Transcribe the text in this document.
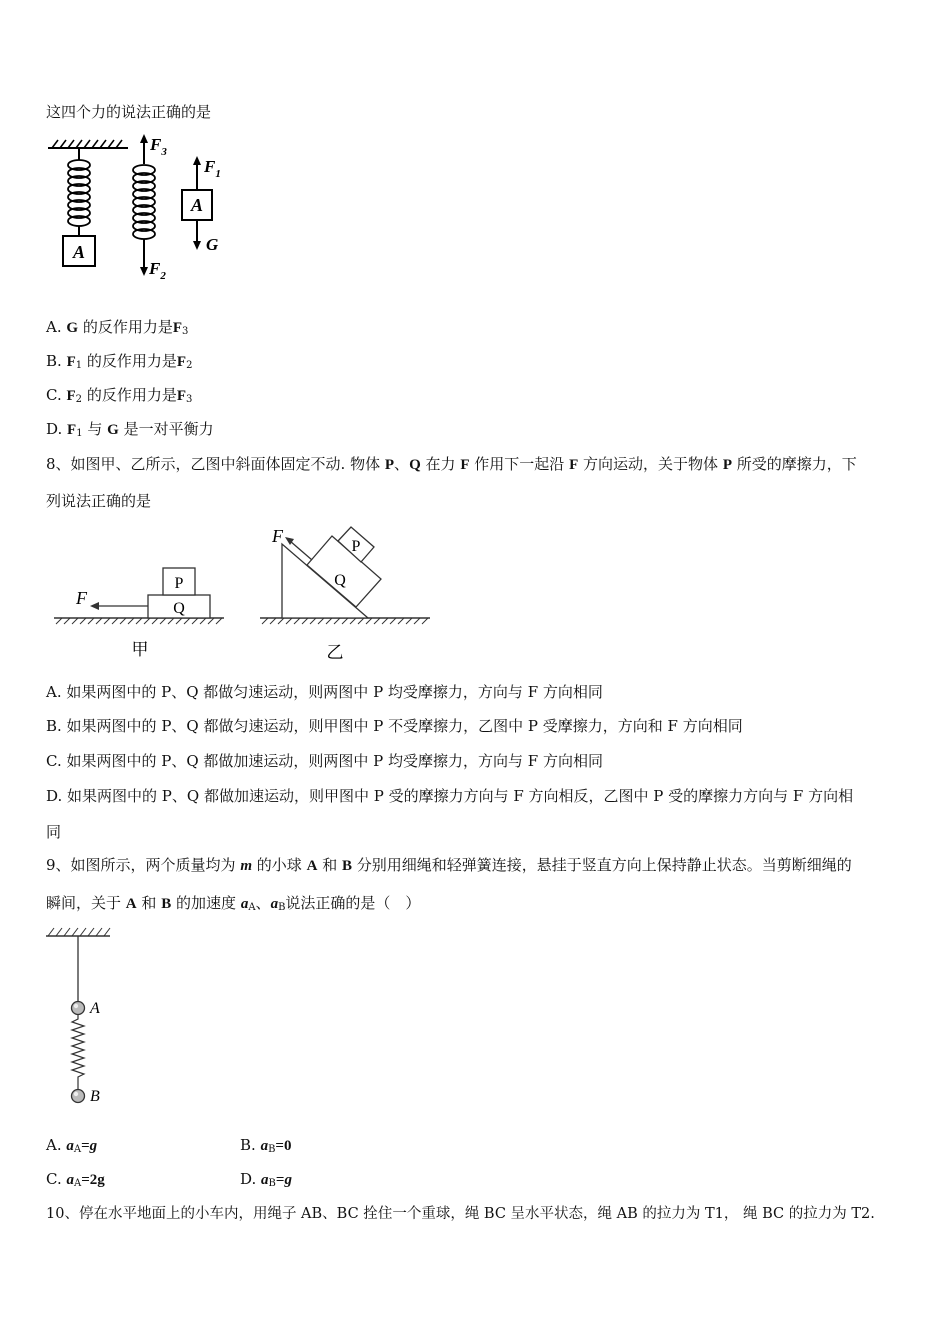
这四个力的说法正确的是
A
$F_3$
$F_2$
$F_1$
A
G
A. G 的反作用力是$F_3$
B. $F_1$ 的反作用力是$F_2$
C. $F_2$ 的反作用力是$F_3$
D. $F_1$ 与 G 是一对平衡力
8、如图甲、乙所示，乙图中斜面体固定不动. 物体 P、Q 在力 F 作用下一起沿 F 方向运动，关于物体 P 所受的摩擦力，下
列说法正确的是
Q
P
F
甲
Q
P
F
乙
A. 如果两图中的 P、Q 都做匀速运动，则两图中 P 均受摩擦力，方向与 F 方向相同
B. 如果两图中的 P、Q 都做匀速运动，则甲图中 P 不受摩擦力，乙图中 P 受摩擦力，方向和 F 方向相同
C. 如果两图中的 P、Q 都做加速运动，则两图中 P 均受摩擦力，方向与 F 方向相同
D. 如果两图中的 P、Q 都做加速运动，则甲图中 P 受的摩擦力方向与 F 方向相反，乙图中 P 受的摩擦力方向与 F 方向相
同
9、如图所示，两个质量均为 m 的小球 A 和 B 分别用细绳和轻弹簧连接，悬挂于竖直方向上保持静止状态。当剪断细绳的
瞬间，关于 A 和 B 的加速度 $a_A$、$a_B$说法正确的是（　）
A
B
A. $a_A=g$	B. $a_B=0$
C. $a_A=2g$	D. $a_B=g$
10、停在水平地面上的小车内，用绳子 AB、BC 拴住一个重球，绳 BC 呈水平状态，绳 AB 的拉力为 T1， 绳 BC 的拉力为 T2.
